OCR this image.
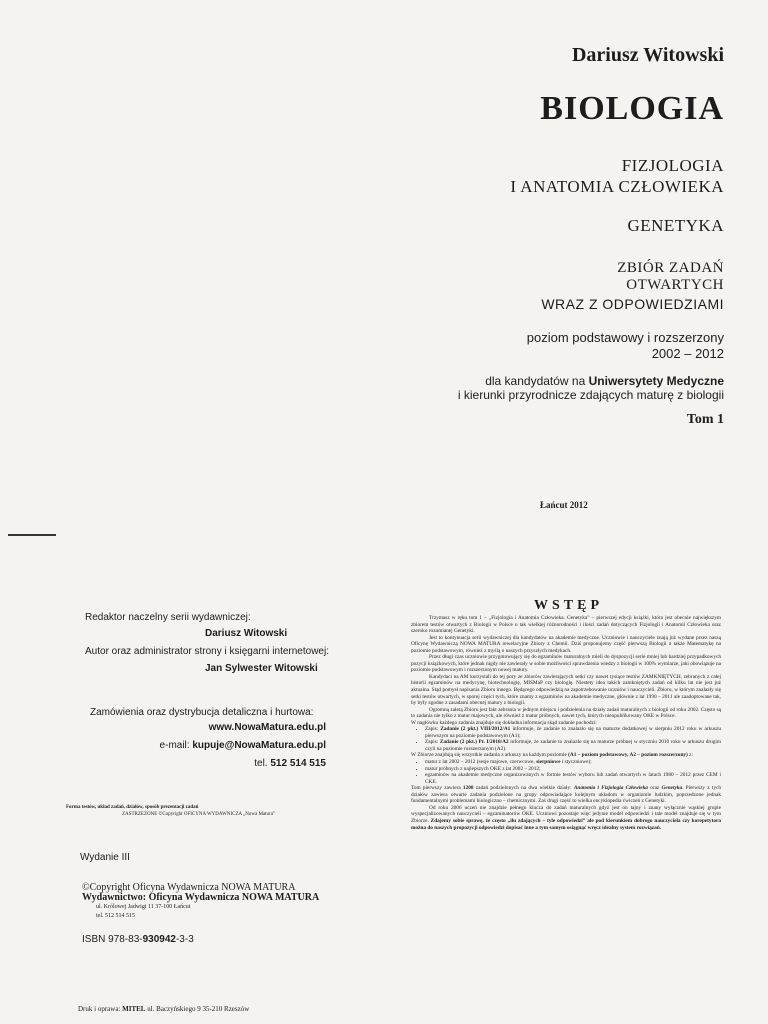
Dariusz Witowski
BIOLOGIA
FIZJOLOGIA
I ANATOMIA CZŁOWIEKA
GENETYKA
ZBIÓR ZADAŃ
OTWARTYCH
WRAZ Z ODPOWIEDZIAMI
poziom podstawowy i rozszerzony
2002 – 2012
dla kandydatów na Uniwersytety Medyczne
i kierunki przyrodnicze zdających maturę z biologii
Tom 1
Łańcut 2012
Redaktor naczelny serii wydawniczej:
Dariusz Witowski
Autor oraz administrator strony i księgarni internetowej:
Jan Sylwester Witowski
Zamówienia oraz dystrybucja detaliczna i hurtowa:
www.NowaMatura.edu.pl
e-mail: kupuje@NowaMatura.edu.pl
tel. 512 514 515
Forma testów, układ zadań, działów, sposób prezentacji zadań
ZASTRZEŻONE ©Copyright OFICYNA WYDAWNICZA „Nowa Matura”
Wydanie III
©Copyright Oficyna Wydawnicza NOWA MATURA
Wydawnictwo: Oficyna Wydawnicza NOWA MATURA
ul. Królowej Jadwigi 11 37-100 Łańcut
tel. 512 514 515
ISBN 978-83-930942-3-3
Druk i oprawa: MITEL ul. Baczyńskiego 9 35-210 Rzeszów
WSTĘP

Trzymasz w ręku tom 1 – „Fizjologia i Anatomia Człowieka. Genetyka” – pierwszej edycji książki, która jest obecnie największym zbiorem testów otwartych z Biologii w Polsce o tak wielkiej różnorodności i ilości zadań dotyczących Fizjologii i Anatomii Człowieka oraz szeroko rozumianej Genetyki.

Jest to kontynuacja serii wydawniczej dla kandydatów na akademie medyczne. Uczniowie i nauczyciele znają już wydane przez naszą Oficynę Wydawniczą NOWA MATURA rewelacyjne Zbiory z Chemii. Dziś proponujemy część pierwszą Biologii a także Matematykę na poziomie podstawowym, również z myślą o naszych przyszłych medykach.

Przez długi czas uczniowie przygotowujący się do egzaminów maturalnych mieli do dyspozycji serie mniej lub bardziej przypadkowych pozycji książkowych, które jednak nigdy nie zawierały w sobie możliwości sprawdzenia wiedzy z biologii w 100% wymiarze, jaki obowiązuje na poziomie podstawowym i rozszerzonym nowej matury.

Kandydaci na AM korzystali do tej pory ze zbiorów zawierających setki czy nawet tysiące testów ZAMKNIĘTYCH, zebranych z całej historii egzaminów na medycynę, biotechnologię, MISMaP czy biologię. Niestety idea takich zamkniętych zadań od kilku lat nie jest już aktualna. Stąd pomysł napisania Zbioru innego. Będącego odpowiedzią na zapotrzebowanie uczniów i nauczycieli. Zbioru, w którym znalazły się setki testów otwartych, w sporej części tych, które znamy z egzaminów na akademie medyczne, głównie z lat 1990 – 2011 ale zaadoptowane tak, by były zgodne z zasadami obecnej matury z biologii.

Ogromną zaletą Zbioru jest fakt zebrania w jednym miejscu i podzielenia na działy zadań maturalnych z biologii od roku 2002. Często są to zadania nie tylko z matur majowych, ale również z matur próbnych, nawet tych, których nieopublikowany OKE w Polsce.

W nagłówku każdego zadania znajduje się dokładna informacja skąd zadanie pochodzi:

• Zapis: Zadanie (2 pkt.) VIII/2012/A1 informuje, że zadanie to znalazło się na maturze dodatkowej w sierpniu 2012 roku w arkuszu pierwszym na poziomie podstawowym (A1);
• Zapis: Zadanie (2 pkt.) Pr. I/2010/A2 informuje, że zadanie to znalazło się na maturze próbnej w styczniu 2010 roku w arkuszu drugim czyli na poziomie rozszerzonym (A2).

W Zbiorze znajdują się wszystkie zadania z arkuszy na każdym poziomie (A1 – poziom podstawowy, A2 – poziom rozszerzony) z:

• matur z lat 2002 – 2012 (sesje majowe, czerwcowe, sierpniowe i styczniowe);
• matur próbnych z najlepszych OKE z lat 2002 – 2012;
• egzaminów na akademie medyczne organizowanych w formie testów wyboru lub zadań otwartych w latach 1980 – 2012 przez CEM i CKE.

Tom pierwszy zawiera 1208 zadań podzielonych na dwa wielkie działy: Anatomia i Fizjologia Człowieka oraz Genetyka. Pierwszy z tych działów zawiera otwarte zadania podzielone na grupy odpowiadające kolejnym układom w organizmie ludzkim, poprzedzone jednak fundamentalnymi problemami biologiczno – chemicznymi. Zaś drugi część to wielka encyklopedia ćwiczeń z Genetyki.

Od roku 2006 uczeń nie znajdzie pełnego klucza do zadań maturalnych gdyż jest on tajny i znany wyłącznie wąskiej grupie wyspecjalizowanych nauczycieli – egzaminatorów OKE. Uczniowi pozostaje więc jedynie model odpowiedzi i tale model znajduje się w tym Zbiorze. Zdajemy sobie sprawę, że często „ilu zdających – tyle odpowiedzi” ale pod kierunkiem dobrego nauczyciela czy korepetytora można do naszych propozycji odpowiedzi dopisać inne a tym samym osiągnąć wręcz idealny system rozwiązań.
